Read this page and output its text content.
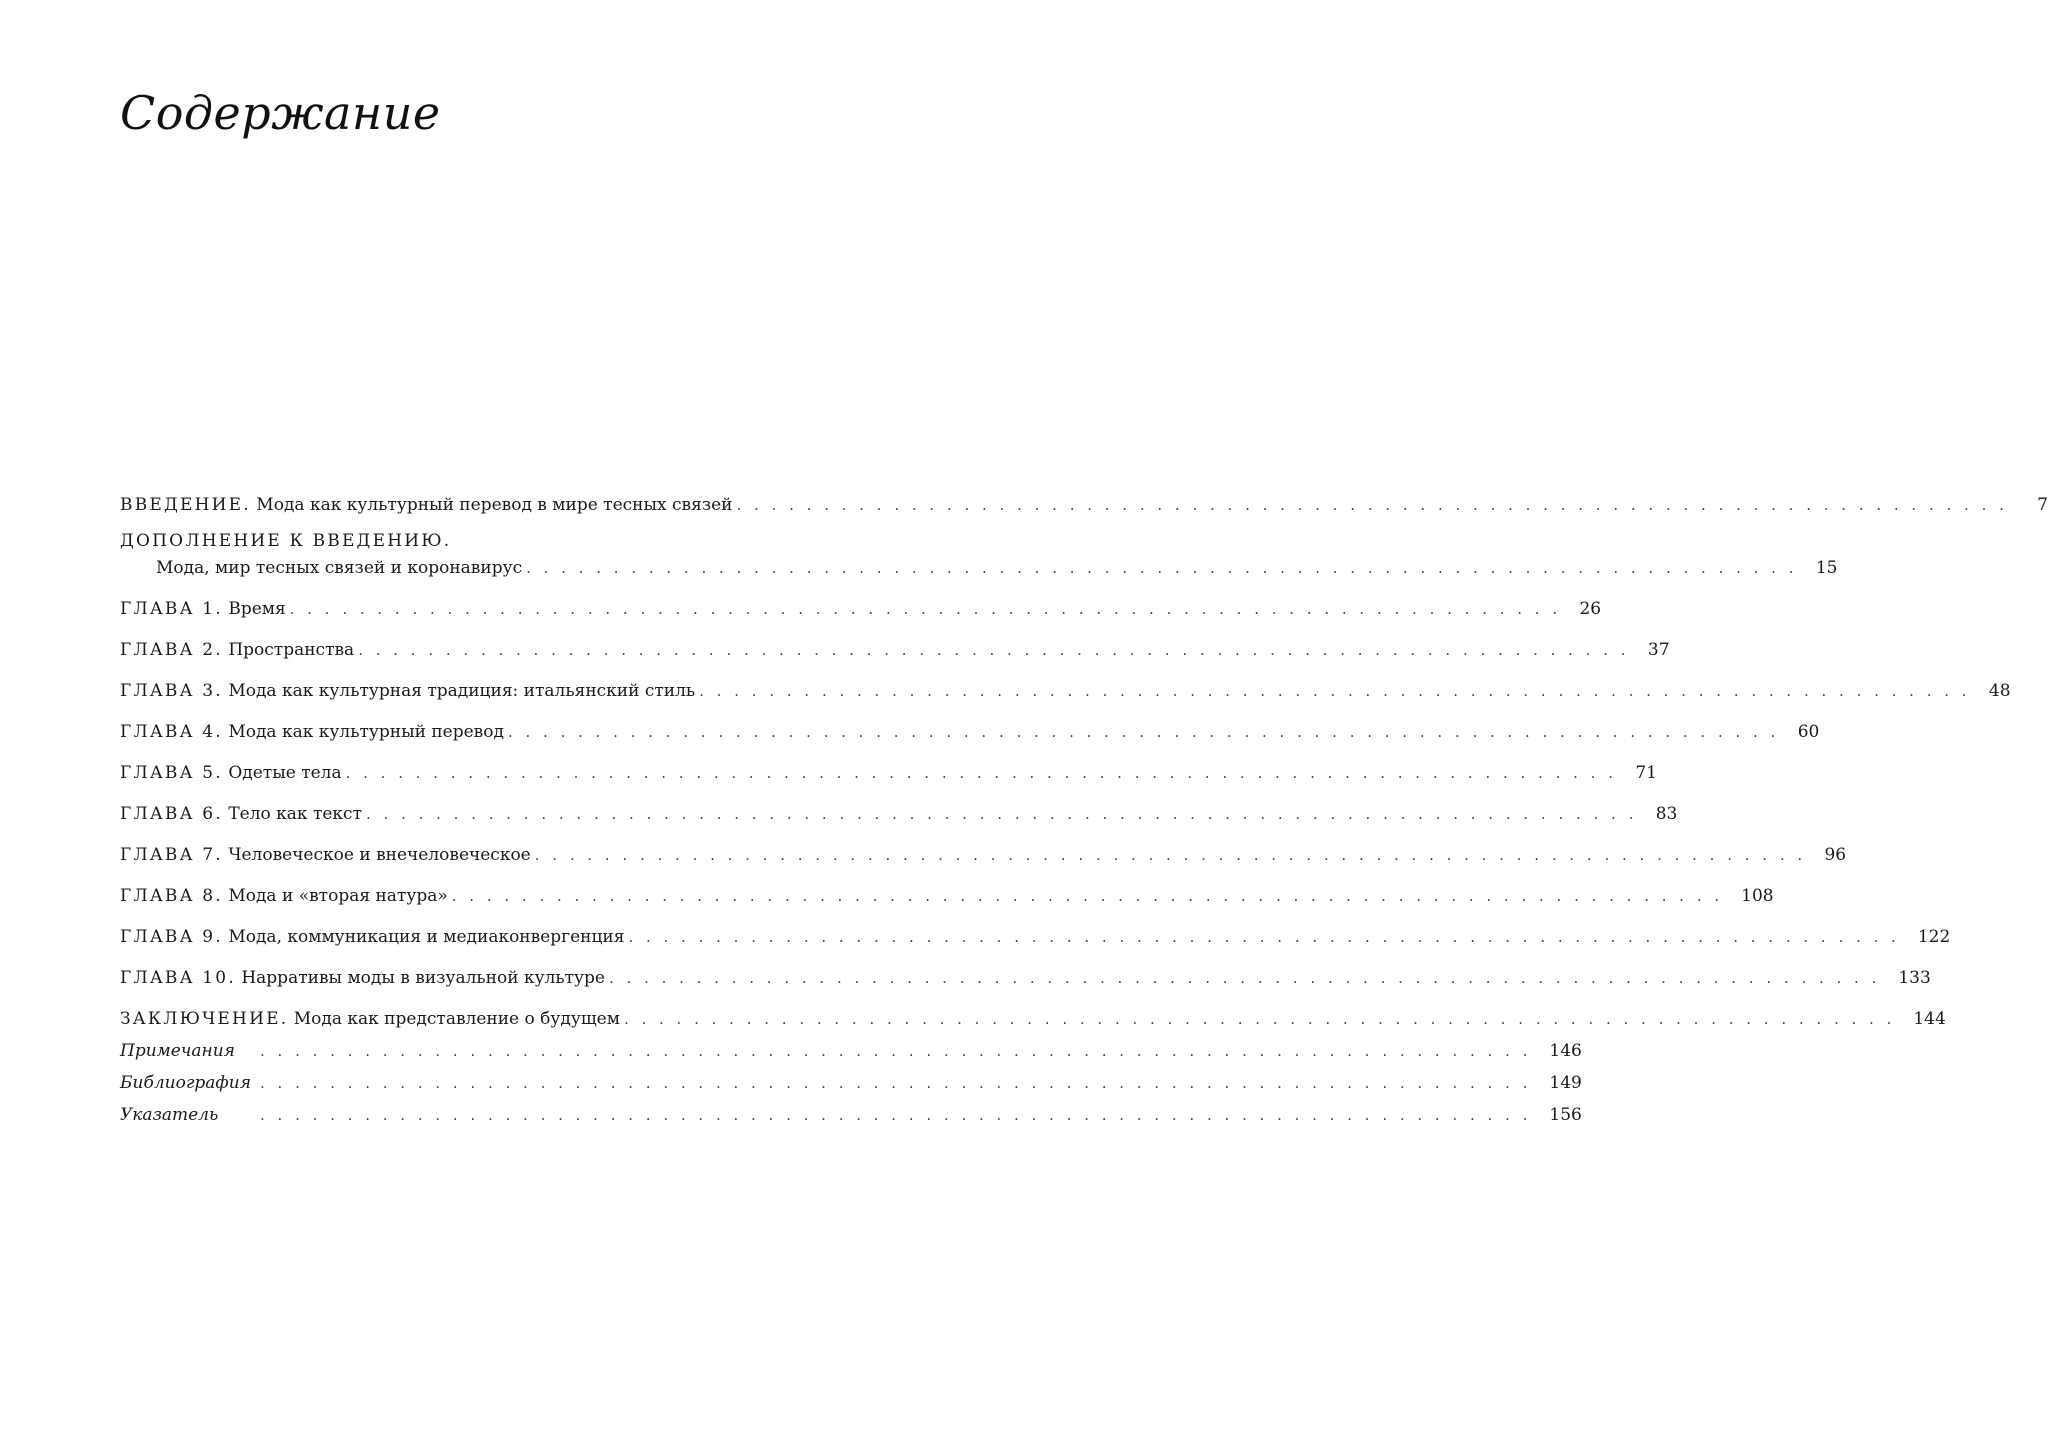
Содержание
ВВЕДЕНИЕ. Мода как культурный перевод в мире тесных связей . . . . . . . . . . . . . . . . . . . . . . . . . . . . . . . . . . . . . . . . . . . . . . . . . . . . . . . . . . . . . . . . . . . . . . . . .	7
ДОПОЛНЕНИЕ К ВВЕДЕНИЮ.
Мода, мир тесных связей и коронавирус . . . . . . . . . . . . . . . . . . . . . . . . . . . . . . . . . . . . . . . . . . . . . . . . . . . . . . . . . . . . . . . . . . . . . . . . . 15
ГЛАВА 1. Время . . . . . . . . . . . . . . . . . . . . . . . . . . . . . . . . . . . . . . . . . . . . . . . . . . . . . . . . . . . . . . . . . . . . . . . . . 26
ГЛАВА 2. Пространства . . . . . . . . . . . . . . . . . . . . . . . . . . . . . . . . . . . . . . . . . . . . . . . . . . . . . . . . . . . . . . . . . . . . . . . . . 37
ГЛАВА 3. Мода как культурная традиция: итальянский стиль . . . . . . . . . . . . . . . . . . . . . . . . . . . . . . . . . . . . . . . . . . . . . . . . . . . . . . . . . . . . . . . . . . . . . . . . . 48
ГЛАВА 4. Мода как культурный перевод . . . . . . . . . . . . . . . . . . . . . . . . . . . . . . . . . . . . . . . . . . . . . . . . . . . . . . . . . . . . . . . . . . . . . . . . . 60
ГЛАВА 5. Одетые тела . . . . . . . . . . . . . . . . . . . . . . . . . . . . . . . . . . . . . . . . . . . . . . . . . . . . . . . . . . . . . . . . . . . . . . . . . 71
ГЛАВА 6. Тело как текст . . . . . . . . . . . . . . . . . . . . . . . . . . . . . . . . . . . . . . . . . . . . . . . . . . . . . . . . . . . . . . . . . . . . . . . . . 83
ГЛАВА 7. Человеческое и внечеловеческое . . . . . . . . . . . . . . . . . . . . . . . . . . . . . . . . . . . . . . . . . . . . . . . . . . . . . . . . . . . . . . . . . . . . . . . . . 96
ГЛАВА 8. Мода и «вторая натура» . . . . . . . . . . . . . . . . . . . . . . . . . . . . . . . . . . . . . . . . . . . . . . . . . . . . . . . . . . . . . . . . . . . . . . . . . 108
ГЛАВА 9. Мода, коммуникация и медиаконвергенция . . . . . . . . . . . . . . . . . . . . . . . . . . . . . . . . . . . . . . . . . . . . . . . . . . . . . . . . . . . . . . . . . . . . . . . . . 122
ГЛАВА 10. Нарративы моды в визуальной культуре . . . . . . . . . . . . . . . . . . . . . . . . . . . . . . . . . . . . . . . . . . . . . . . . . . . . . . . . . . . . . . . . . . . . . . . . . 133
ЗАКЛЮЧЕНИЕ. Мода как представление о будущем . . . . . . . . . . . . . . . . . . . . . . . . . . . . . . . . . . . . . . . . . . . . . . . . . . . . . . . . . . . . . . . . . . . . . . . . . 144
Примечания	. . . . . . . . . . . . . . . . . . . . . . . . . . . . . . . . . . . . . . . . . . . . . . . . . . . . . . . . . . . . . . . . . . . . . . . . . 146
Библиография . . . . . . . . . . . . . . . . . . . . . . . . . . . . . . . . . . . . . . . . . . . . . . . . . . . . . . . . . . . . . . . . . . . . . . . . . 149
Указатель	. . . . . . . . . . . . . . . . . . . . . . . . . . . . . . . . . . . . . . . . . . . . . . . . . . . . . . . . . . . . . . . . . . . . . . . . . 156
